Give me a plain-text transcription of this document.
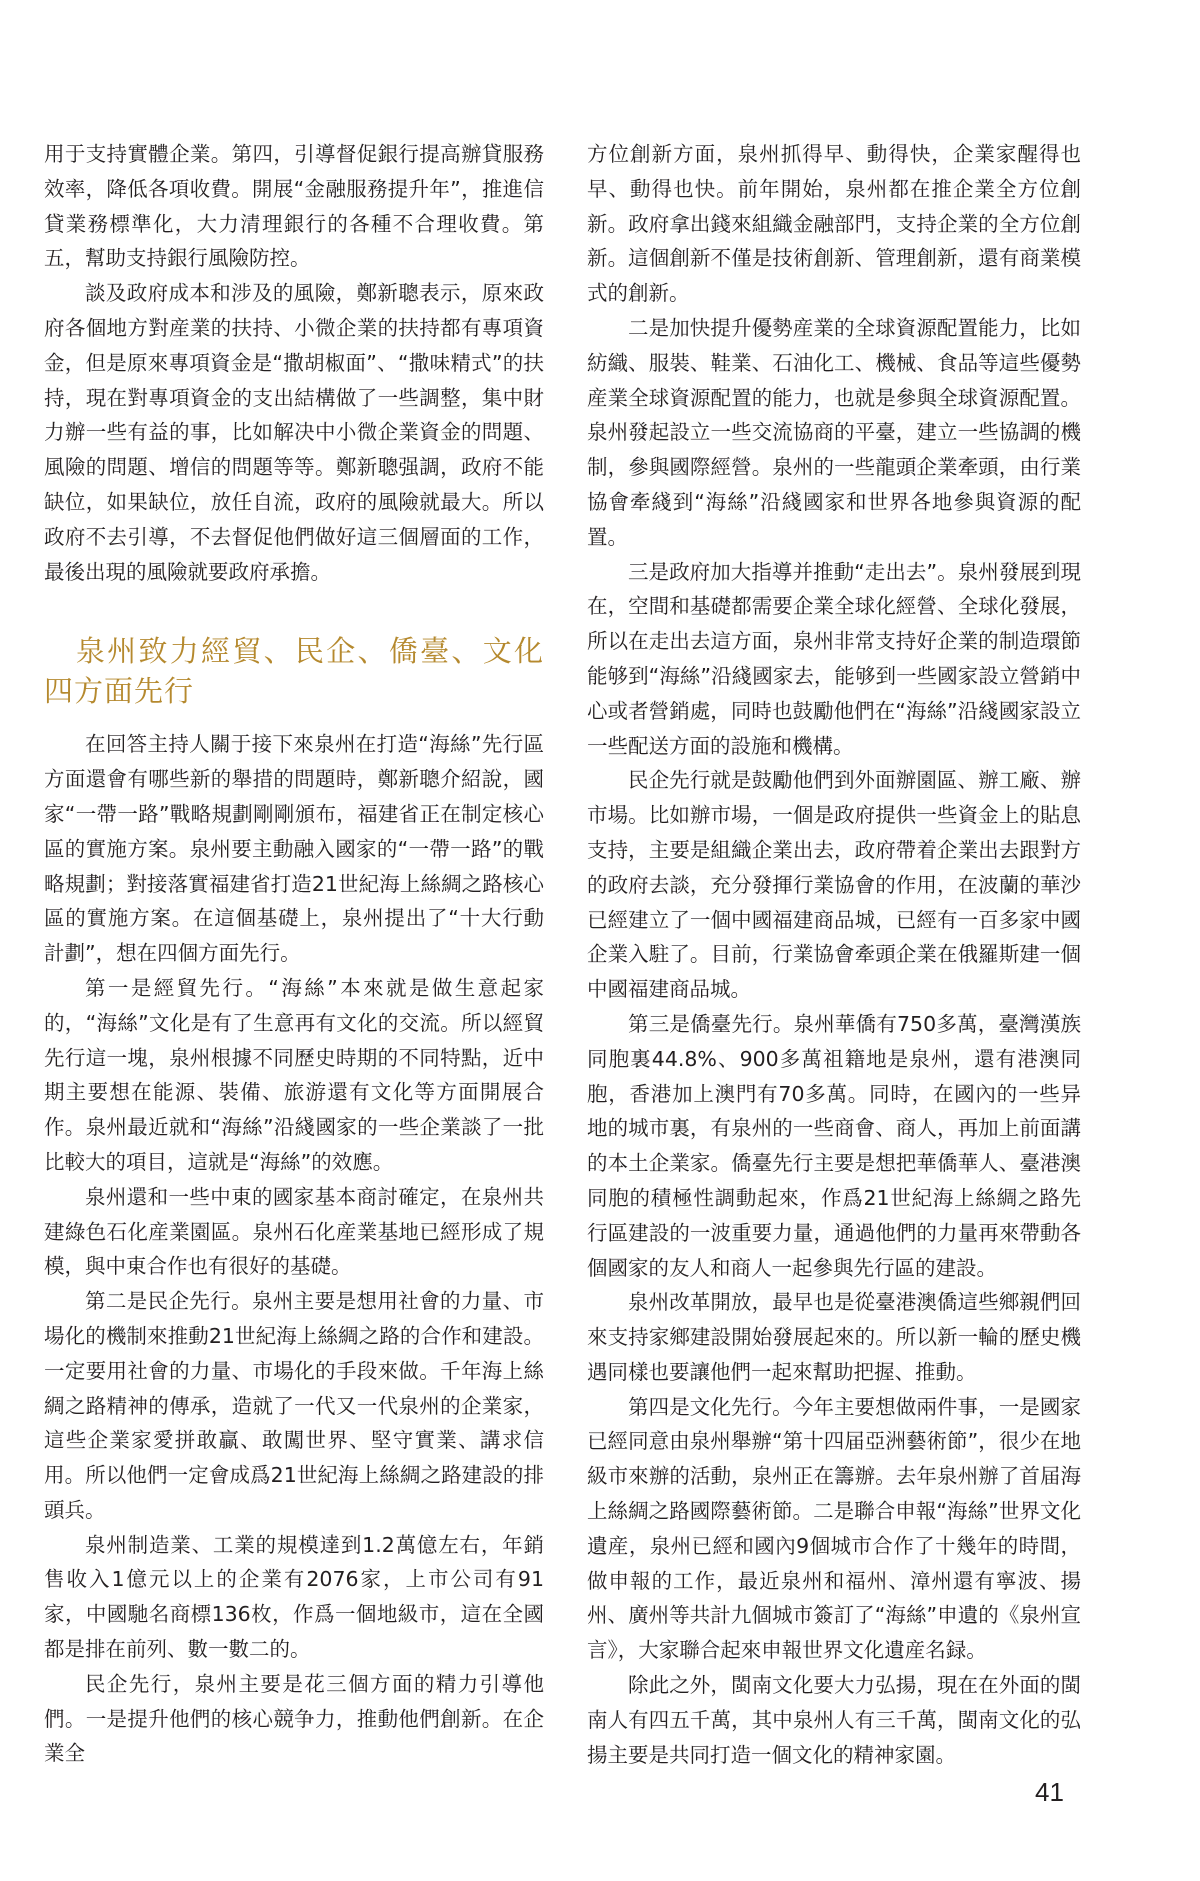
用于支持實體企業。第四，引導督促銀行提高辦貸服務效率，降低各項收費。開展“金融服務提升年”，推進信貸業務標準化，大力清理銀行的各種不合理收費。第五，幫助支持銀行風險防控。

談及政府成本和涉及的風險，鄭新聰表示，原來政府各個地方對産業的扶持、小微企業的扶持都有專項資金，但是原來專項資金是“撒胡椒面”、“撒味精式”的扶持，現在對專項資金的支出結構做了一些調整，集中財力辦一些有益的事，比如解决中小微企業資金的問題、風險的問題、增信的問題等等。鄭新聰强調，政府不能缺位，如果缺位，放任自流，政府的風險就最大。所以政府不去引導，不去督促他們做好這三個層面的工作，最後出現的風險就要政府承擔。

泉州致力經貿、民企、僑臺、文化四方面先行

在回答主持人關于接下來泉州在打造“海絲”先行區方面還會有哪些新的舉措的問題時，鄭新聰介紹說，國家“一帶一路”戰略規劃剛剛頒布，福建省正在制定核心區的實施方案。泉州要主動融入國家的“一帶一路”的戰略規劃；對接落實福建省打造21世紀海上絲綢之路核心區的實施方案。在這個基礎上，泉州提出了“十大行動計劃”，想在四個方面先行。

第一是經貿先行。“海絲”本來就是做生意起家的，“海絲”文化是有了生意再有文化的交流。所以經貿先行這一塊，泉州根據不同歷史時期的不同特點，近中期主要想在能源、裝備、旅游還有文化等方面開展合作。泉州最近就和“海絲”沿綫國家的一些企業談了一批比較大的項目，這就是“海絲”的效應。

泉州還和一些中東的國家基本商討確定，在泉州共建綠色石化産業園區。泉州石化産業基地已經形成了規模，與中東合作也有很好的基礎。

第二是民企先行。泉州主要是想用社會的力量、市場化的機制來推動21世紀海上絲綢之路的合作和建設。一定要用社會的力量、市場化的手段來做。千年海上絲綢之路精神的傳承，造就了一代又一代泉州的企業家，這些企業家愛拼敢贏、敢闖世界、堅守實業、講求信用。所以他們一定會成爲21世紀海上絲綢之路建設的排頭兵。

泉州制造業、工業的規模達到1.2萬億左右，年銷售收入1億元以上的企業有2076家，上市公司有91家，中國馳名商標136枚，作爲一個地級市，這在全國都是排在前列、數一數二的。

民企先行，泉州主要是花三個方面的精力引導他們。一是提升他們的核心競争力，推動他們創新。在企業全

方位創新方面，泉州抓得早、動得快，企業家醒得也早、動得也快。前年開始，泉州都在推企業全方位創新。政府拿出錢來組織金融部門，支持企業的全方位創新。這個創新不僅是技術創新、管理創新，還有商業模式的創新。

二是加快提升優勢産業的全球資源配置能力，比如紡織、服裝、鞋業、石油化工、機械、食品等這些優勢産業全球資源配置的能力，也就是參與全球資源配置。泉州發起設立一些交流協商的平臺，建立一些協調的機制，參與國際經營。泉州的一些龍頭企業牽頭，由行業協會牽綫到“海絲”沿綫國家和世界各地參與資源的配置。

三是政府加大指導并推動“走出去”。泉州發展到現在，空間和基礎都需要企業全球化經營、全球化發展，所以在走出去這方面，泉州非常支持好企業的制造環節能够到“海絲”沿綫國家去，能够到一些國家設立營銷中心或者營銷處，同時也鼓勵他們在“海絲”沿綫國家設立一些配送方面的設施和機構。

民企先行就是鼓勵他們到外面辦園區、辦工廠、辦市場。比如辦市場，一個是政府提供一些資金上的貼息支持，主要是組織企業出去，政府帶着企業出去跟對方的政府去談，充分發揮行業協會的作用，在波蘭的華沙已經建立了一個中國福建商品城，已經有一百多家中國企業入駐了。目前，行業協會牽頭企業在俄羅斯建一個中國福建商品城。

第三是僑臺先行。泉州華僑有750多萬，臺灣漢族同胞裏44.8%、900多萬祖籍地是泉州，還有港澳同胞，香港加上澳門有70多萬。同時，在國內的一些异地的城市裏，有泉州的一些商會、商人，再加上前面講的本土企業家。僑臺先行主要是想把華僑華人、臺港澳同胞的積極性調動起來，作爲21世紀海上絲綢之路先行區建設的一波重要力量，通過他們的力量再來帶動各個國家的友人和商人一起參與先行區的建設。

泉州改革開放，最早也是從臺港澳僑這些鄉親們回來支持家鄉建設開始發展起來的。所以新一輪的歷史機遇同樣也要讓他們一起來幫助把握、推動。

第四是文化先行。今年主要想做兩件事，一是國家已經同意由泉州舉辦“第十四届亞洲藝術節”，很少在地級市來辦的活動，泉州正在籌辦。去年泉州辦了首届海上絲綢之路國際藝術節。二是聯合申報“海絲”世界文化遺産，泉州已經和國內9個城市合作了十幾年的時間，做申報的工作，最近泉州和福州、漳州還有寧波、揚州、廣州等共計九個城市簽訂了“海絲”申遺的《泉州宣言》，大家聯合起來申報世界文化遺産名録。

除此之外，閩南文化要大力弘揚，現在在外面的閩南人有四五千萬，其中泉州人有三千萬，閩南文化的弘揚主要是共同打造一個文化的精神家園。

41
